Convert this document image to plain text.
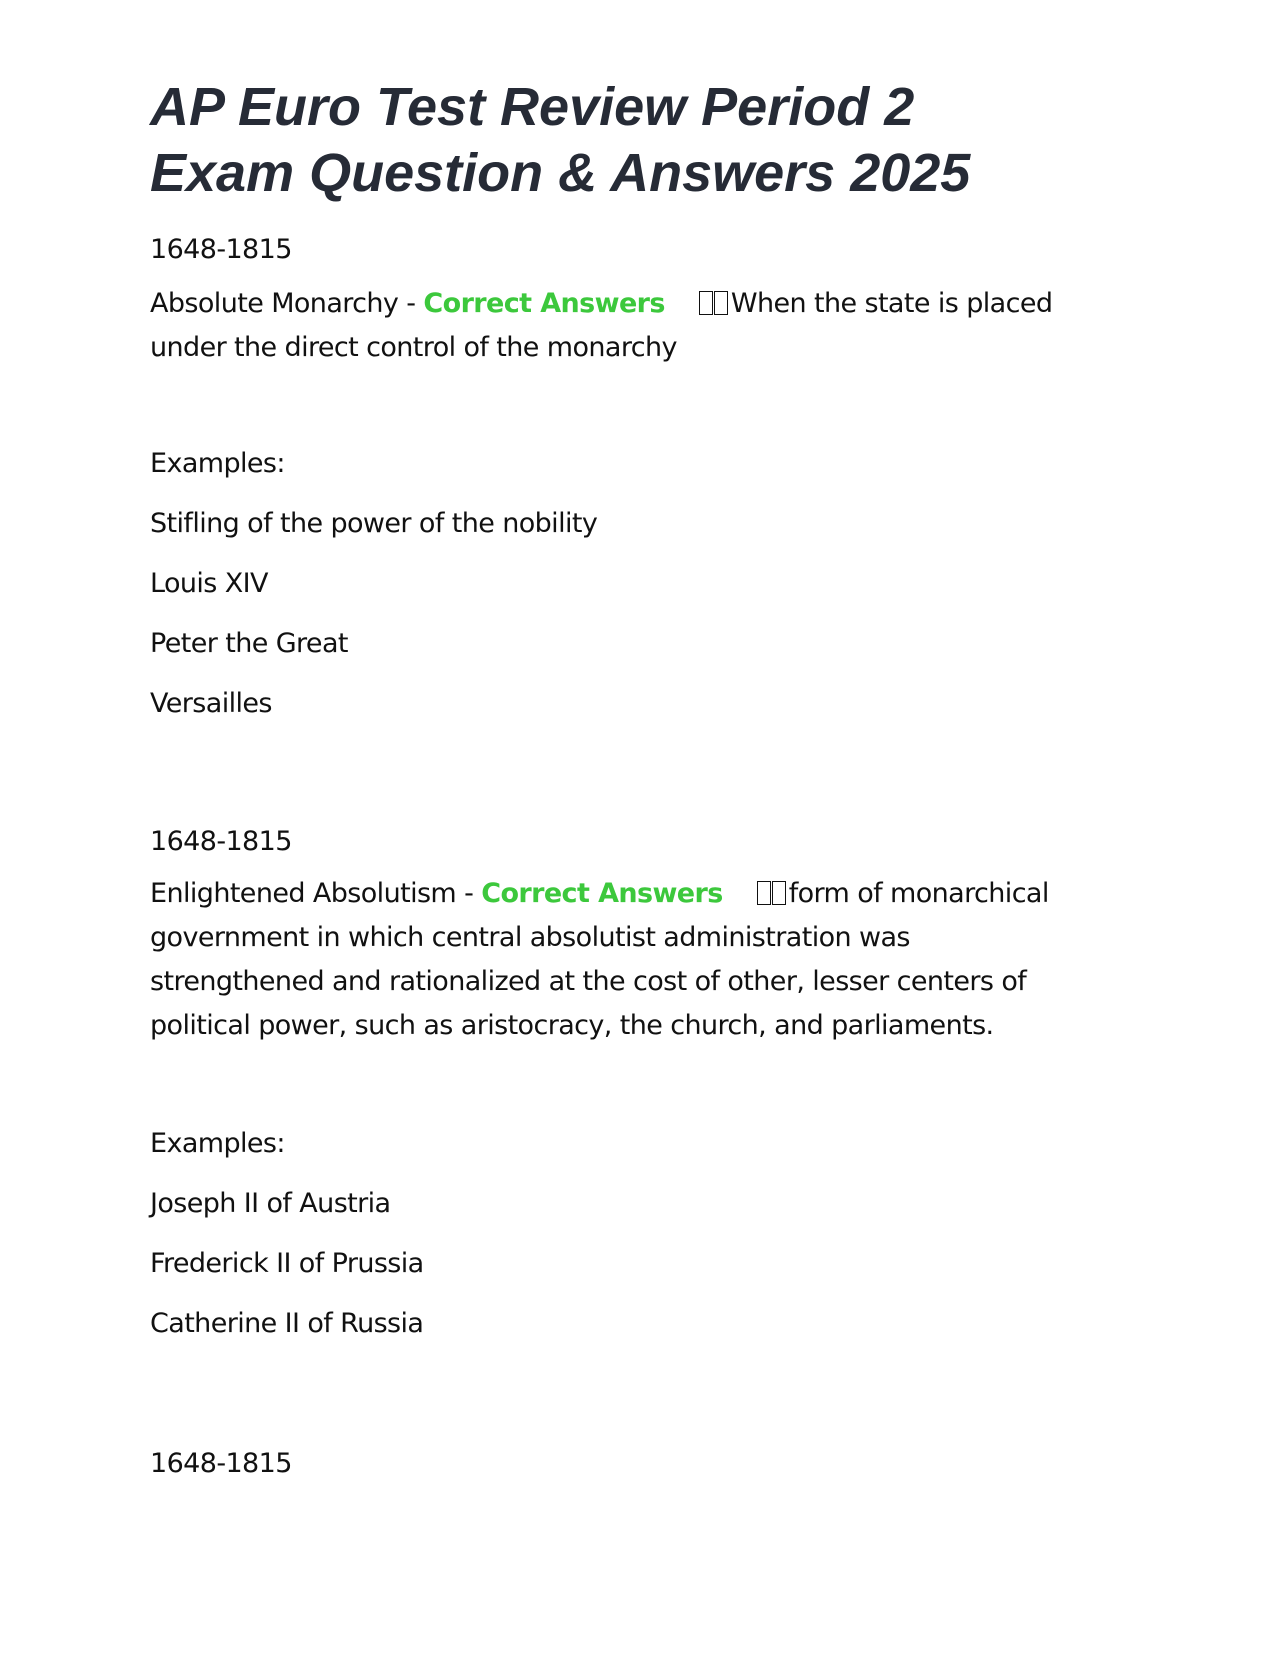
AP Euro Test Review Period 2
Exam Question & Answers 2025

1648-1815

Absolute Monarchy - Correct Answers When the state is placed

under the direct control of the monarchy

Examples:

Stifling of the power of the nobility

Louis XIV

Peter the Great

Versailles

1648-1815

Enlightened Absolutism - Correct Answers form of monarchical

government in which central absolutist administration was

strengthened and rationalized at the cost of other, lesser centers of

political power, such as aristocracy, the church, and parliaments.

Examples:

Joseph II of Austria

Frederick II of Prussia

Catherine II of Russia

1648-1815
